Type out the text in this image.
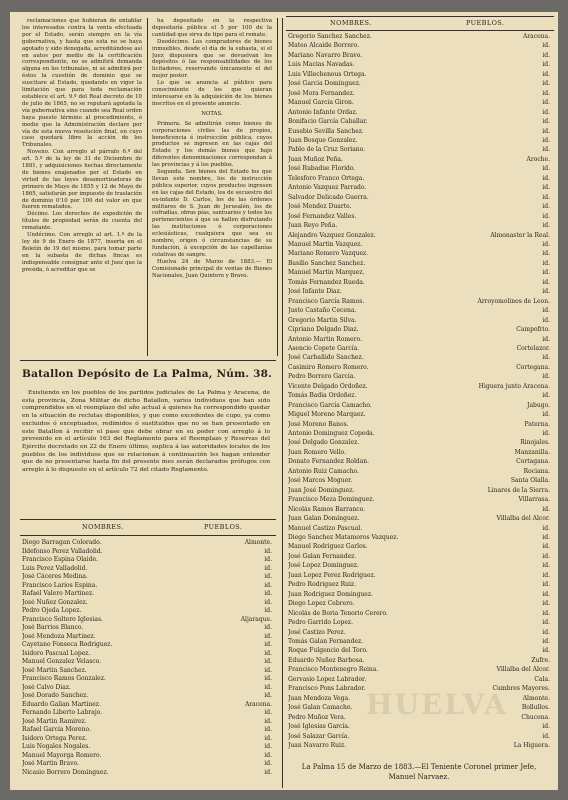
reclamaciones que hubieran de entablar los interesados contra la venta efectuada por el Estado, serán siempre en la vía gubernativa, y hasta que esta no se haya agotado y sido denegada, acreditándose así en autos por medio de la certificación correspondiente, no se admitirá demanda alguna en los tribunales, ni se admitirá por éstos la cuestión de dominio que se suscitare al Estado, quedando en vigor la limitación que para toda reclamación establece el art. 9.º del Real decreto de 10 de julio de 1865, no se reputará agotada la vía gubernativa sino cuando sea Real orden haya puesto término al procedimiento, ó medie que la Administración declare por vía de esta nueva resolución final, en cuyo caso quedará libre la acción de los Tribunales.

Noveno. Con arreglo al párrafo 6.º del art. 5.º de la ley de 31 de Diciembre de 1881, y adquisiciones hechas directamente de bienes enajenados por el Estado en virtud de las leyes desamortizadoras de primero de Mayo de 1855 y 12 de Mayo de 1865, satisfarán por impuesto de traslación de dominio 0'10 por 100 del valor en que fueren rematados.

Décimo. Los derechos de expedición de títulos de propiedad serán de cuenta del rematante.

Undécimo. Con arreglo al art. 1.º de la ley de 9 de Enero de 1877, inserta en el Boletín de 19 del mismo, para tomar parte en la subasta de dichas fincas es indispensable consignar ante el Juez que la presida, ó acreditar que se

ha depositado en la respectiva depositaría pública el 5 por 100 de la cantidad que sirva de tipo para el remate.

Duodécimo. Los compradores de bienes inmuebles, desde el día de la subasta, si el Juez dispusiera que se devuelvan los depósitos ó las responsabilidades de los licitadores, reservando únicamente el del mejor postor.

Lo que se anuncia al público para conocimiento de los que quieran interesarse en la adquisición de los bienes inscritos en el presente anuncio.

NOTAS.

Primera. Se admitirán como bienes de corporaciones civiles las de propios, beneficencia é instrucción pública, cuyos productos se ingresen en las cajas del Estado y los demás bienes que bajo diferentes denominaciones correspondan á las provincias y á los pueblos.

Segunda. Son bienes del Estado los que llevan este nombre, los de instrucción pública superior, cuyos productos ingresen en las cajas del Estado, los de secuestro del ex-infante D. Carlos, los de las órdenes militares de S. Juan de Jerusalén, los de cofradías, obras pías, santuarios y todos los pertenecientes á que se hallen disfrutando las instituciones ó corporaciones eclesiásticas, cualquiera que sea su nombre, origen ó circunstancias de su fundación, á excepción de las capellanías colativas de sangre.

Huelva 24 de Marzo de 1883.— El Comisionado principal de ventas de Bienes Nacionales, Juan Quintero y Bravo.

Batallon Depósito de La Palma, Núm. 38.

Existiendo en los pueblos de los partidos judiciales de La Palma y Aracena, de esta provincia, Zona Militar de dicho Batallon, varios individuos que han sido comprendidos en el reemplazo del año actual á quienes ha correspondido quedar en la situación de reclutas disponibles, y que como excedentes de cupo, ya como excluidos ó exceptuados, redimidos ó sustituidos que no se han presentado en este Batallon á recibir el pase que debe obrar en su poder con arreglo á lo prevenido en el artículo 163 del Reglamento para el Reemplazo y Reservas del Ejército decretado en 22 de Enero último, suplica á las autoridades locales de los pueblos de los individuos que se relacionan á continuación les hagan entender que de no presentarse hasta fin del presente mes serán declarados prófugos con arreglo á lo dispuesto en el artículo 72 del citado Reglamento.

NOMBRES.	PUEBLOS.
Diego Barragan Colorado.	Almonte.
Ildefonso Perez Valladolid.	id.
Francisco Espina Olaide.	id.
Luis Perez Valladolid.	id.
José Cáceres Medina.	id.
Francisco Larios Espina.	id.
Rafael Valero Martinez.	id.
José Nuñez Gonzalez.	id.
Pedro Ojeda Lopez.	id.
Francisco Soltero Iglesias.	Aljaraque.
José Barrios Blanco.	id.
José Mendoza Martinez.	id.
Cayetano Fonseca Rodriguez.	id.
Isidoro Pascual Lopez.	id.
Manuel Gonzalez Velasco.	id.
José Martin Sanchez.	id.
Francisco Ramos Gonzalez.	id.
José Calvo Diaz.	id.
José Dorado Sanchez.	id.
Eduardo Galían Martinez.	Aracena.
Fernando Liberto Labrajo.	id.
José Martin Ramirez.	id.
Rafael García Moreno.	id.
Isidoro Ortega Perez.	id.
Luis Nogales Nogales.	id.
Manuel Mayorga Romero.	id.
José Martin Bravo.	id.
Nicasio Borrero Dominguez.	id.
NOMBRES.	PUEBLOS.
Gregorio Sanchez Sanchez.	Aracena.
Mateo Alcaide Borrero.	id.
Mariano Navarro Bravo.	id.
Luis Macias Navadas.	id.
Luis Villechenous Ortega.	id.
José Garcia Dominguez.	id.
José Mora Fernandez.	id.
Manuel Garcia Giron.	id.
Antonio Infante Ordaz.	id.
Bonifacio García Caballar.	id.
Eusebio Sevilla Sanchez.	id.
Juan Bosque Gonzalez.	id.
Pablo de la Cruz Soriano.	id.
Juan Muñoz Peña.	Aroche.
José Rubadue Florido.	id.
Telesforo Franco Ortega.	id.
Antonio Vazquez Parrado.	id.
Salvador Delicado Guerra.	id.
José Mendez Duarte.	id.
José Fernandez Valles.	id.
Juan Reyo Peña.	id.
Alejandro Vazquez Gonzalez.	Almonaster la Real.
Manuel Martin Vazquez.	id.
Mariano Romero Vazquez.	id.
Basilio Sanchez Sanchez.	id.
Manuel Martin Marquez.	id.
Tomás Fernandez Rueda.	id.
José Infante Diaz.	id.
Francisco García Ramos.	Arroyomolinos de Leon.
Justo Castaño Cecena.	id.
Gregorio Martin Silva.	id.
Cipriano Delgado Diaz.	Campofrio.
Antonio Martin Romero.	id.
Asencio Copete García.	Cortelazor.
José Carbañido Sanchez.	id.
Casimiro Romero Romero.	Cortegana.
Pedro Borrero García.	id.
Vicente Delgado Ordoñez.	Higuera junto Aracena.
Tomás Badia Ordoñez.	id.
Francisco García Camacho.	Jabugo.
Miguel Moreno Marquez.	id.
José Moreno Banos.	Paterna.
Antonio Dominguez Copeda.	id.
José Delgado Gonzalez.	Rinojales.
Juan Romero Vello.	Manzanilla.
Donato Fernandez Roldan.	Cortagana.
Antonio Ruiz Camacho.	Rociana.
José Marcos Moguer.	Santa Olalla.
Juan José Dominguez.	Linares de la Sierra.
Francisco Meza Dominguez.	Villarrasa.
Nicolás Ramos Barranco.	id.
Juan Galan Dominguez.	Villalba del Alcor.
Manuel Castizo Pascual.	id.
Diego Sanchez Matamoros Vazquez.	id.
Manuel Rodriguez Garlos.	id.
José Galan Fernandez.	id.
José Lopez Dominguez.	id.
Juan Lopez Perez Rodriguez.	id.
Pedro Rodriguez Ruiz.	id.
Juan Rodriguez Dominguez.	id.
Diego Lopez Cebrero.	id.
Nicolás de Boria Tenorio Cerero.	id.
Pedro Garrido Lopez.	id.
José Castizo Perez.	id.
Tomás Galan Fernandez.	id.
Roque Fulgencio del Toro.	id.
Eduardo Nuñez Barbosa.	Zufre.
Francisco Montenegro Reina.	Villalba del Alcor.
Gervasio Lopez Labrador.	Cala.
Francisco Pons Labrador.	Cumbres Mayores.
Juan Mendoza Vega.	Almonte.
José Galan Camacho.	Bollullos.
Pedro Muñoz Vera.	Chucena.
José Iglesias García.	id.
José Salazar García.	id.
Juan Navarro Ruiz.	La Higuera.
HUELVA
La Palma 15 de Marzo de 1883.—El Teniente Coronel primer Jefe, Manuel Narvaez.
